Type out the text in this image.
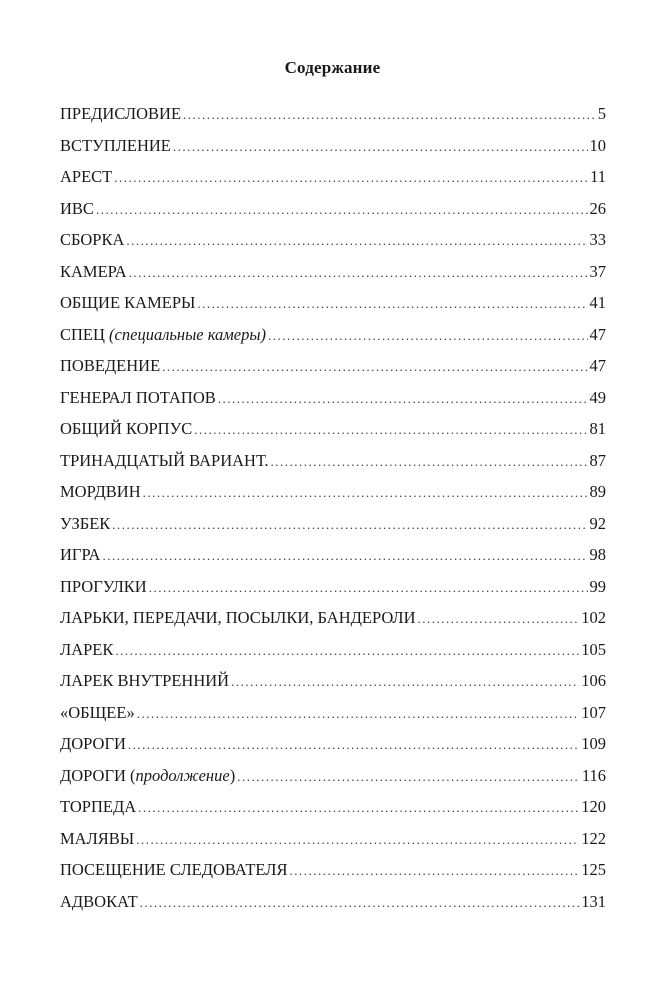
Содержание
ПРЕДИСЛОВИЕ .....	5
ВСТУПЛЕНИЕ .....	10
АРЕСТ .....	11
ИВС .....	26
СБОРКА .....	33
КАМЕРА .....	37
ОБЩИЕ КАМЕРЫ .....	41
СПЕЦ (специальные камеры) .....	47
ПОВЕДЕНИЕ .....	47
ГЕНЕРАЛ ПОТАПОВ .....	49
ОБЩИЙ КОРПУС .....	81
ТРИНАДЦАТЫЙ ВАРИАНТ. .....	87
МОРДВИН .....	89
УЗБЕК .....	92
ИГРА .....	98
ПРОГУЛКИ .....	99
ЛАРЬКИ, ПЕРЕДАЧИ, ПОСЫЛКИ, БАНДЕРОЛИ .....	102
ЛАРЕК .....	105
ЛАРЕК ВНУТРЕННИЙ .....	106
«ОБЩЕЕ» .....	107
ДОРОГИ .....	109
ДОРОГИ (продолжение) .....	116
ТОРПЕДА .....	120
МАЛЯВЫ .....	122
ПОСЕЩЕНИЕ СЛЕДОВАТЕЛЯ .....	125
АДВОКАТ .....	131
